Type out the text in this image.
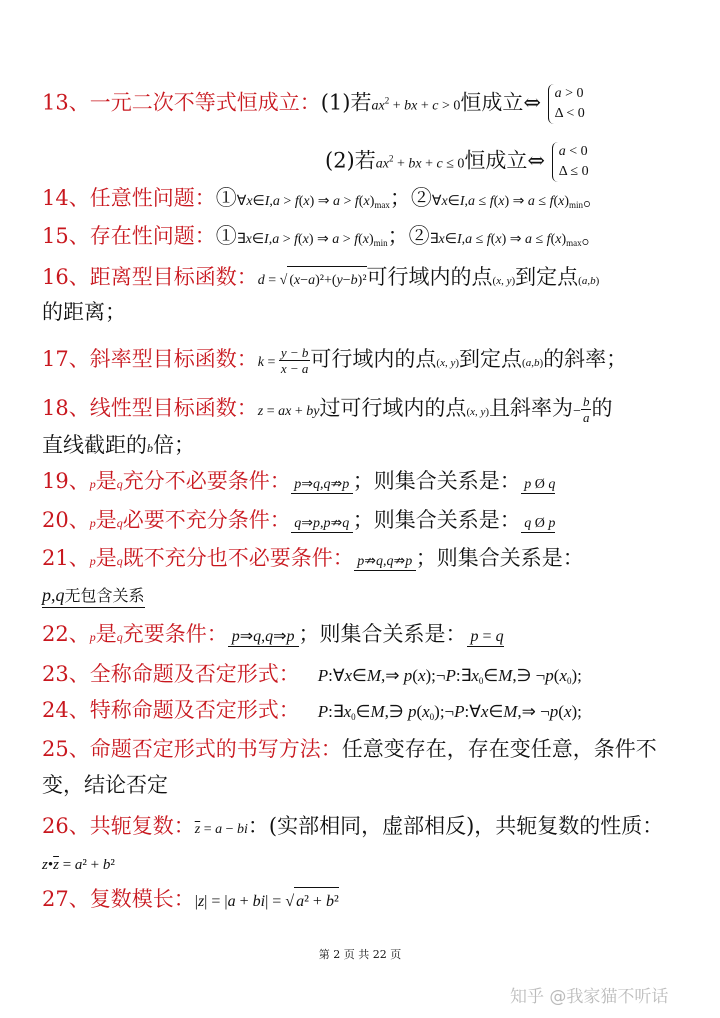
13、一元二次不等式恒成立：(1)若$ax^2$ + bx + c > 0恒成立⇔ a > 0
Δ < 0
(2)若$ax^2$ + bx + c ≤ 0恒成立⇔ a < 0
Δ ≤ 0
14、任意性问题：①∀x∈I,a > f(x) ⇒ $a > f(x)_{max}$；②∀x∈I,a ≤ f(x) ⇒ $a \le f(x)_{min}$。
15、存在性问题：①∃x∈I,a > f(x) ⇒ $a > f(x)_{min}$；②∃x∈I,a ≤ f(x) ⇒ $a \le f(x)_{max}$。
16、距离型目标函数：d = √ (x−a)²+(y−b)²可行域内的点(x, y)到定点(a,b)
的距离；
17、斜率型目标函数：$k = \frac{y - b}{x - a}$ 可行域内的点(x, y)到定点(a,b)的斜率；
18、线性型目标函数：z = ax + by过可行域内的点(x, y)且斜率为− $\frac{b}{a}$ 的
直线截距的b倍；
19、p是q充分不必要条件： p⇒q,q⇏p ；则集合关系是： p Ø q
20、p是q必要不充分条件： q⇒p,p⇏q ；则集合关系是： q Ø p
21、p是q既不充分也不必要条件： p⇏q,q⇏p ；则集合关系是：
p,q无包含关系
22、p是q充要条件： p⇒q,q⇒p ；则集合关系是： p = q
23、全称命题及否定形式： P:∀x∈M,⇒ $p(x);\neg P:\exists x_0\in M,∋$ $\neg p(x_0)$;
24、特称命题及否定形式： $P:\exists x_0\in M,∋$ $p(x_0);\neg P:\forall x\in M,\Rightarrow$ ¬p(x);
25、命题否定形式的书写方法：任意变存在，存在变任意，条件不
变，结论否定
26、共轭复数：$\overline{z} = a$ − bi：(实部相同，虚部相反)，共轭复数的性质：
$z•\overline{z} = a^2 + b^2$
27、复数模长：|z| = |a + bi| = √ a² + b²
第 2 页 共 22 页
知乎 @我家猫不听话
